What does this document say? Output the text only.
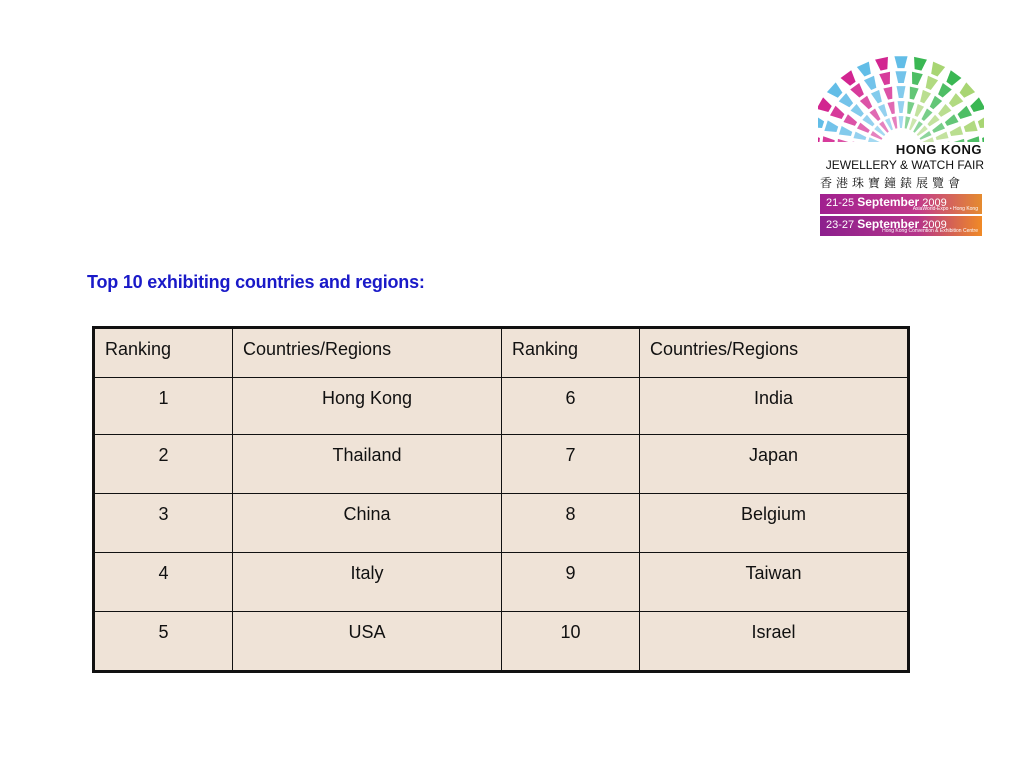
HONG KONG
JEWELLERY & WATCH FAIR
香港珠寶鐘錶展覽會
21-25 September 2009
AsiaWorld-Expo • Hong Kong
23-27 September 2009
Hong Kong Convention & Exhibition Centre
Top 10 exhibiting countries and regions:
Ranking	Countries/Regions	Ranking	Countries/Regions
1	Hong Kong	6	India
2	Thailand	7	Japan
3	China	8	Belgium
4	Italy	9	Taiwan
5	USA	10	Israel
